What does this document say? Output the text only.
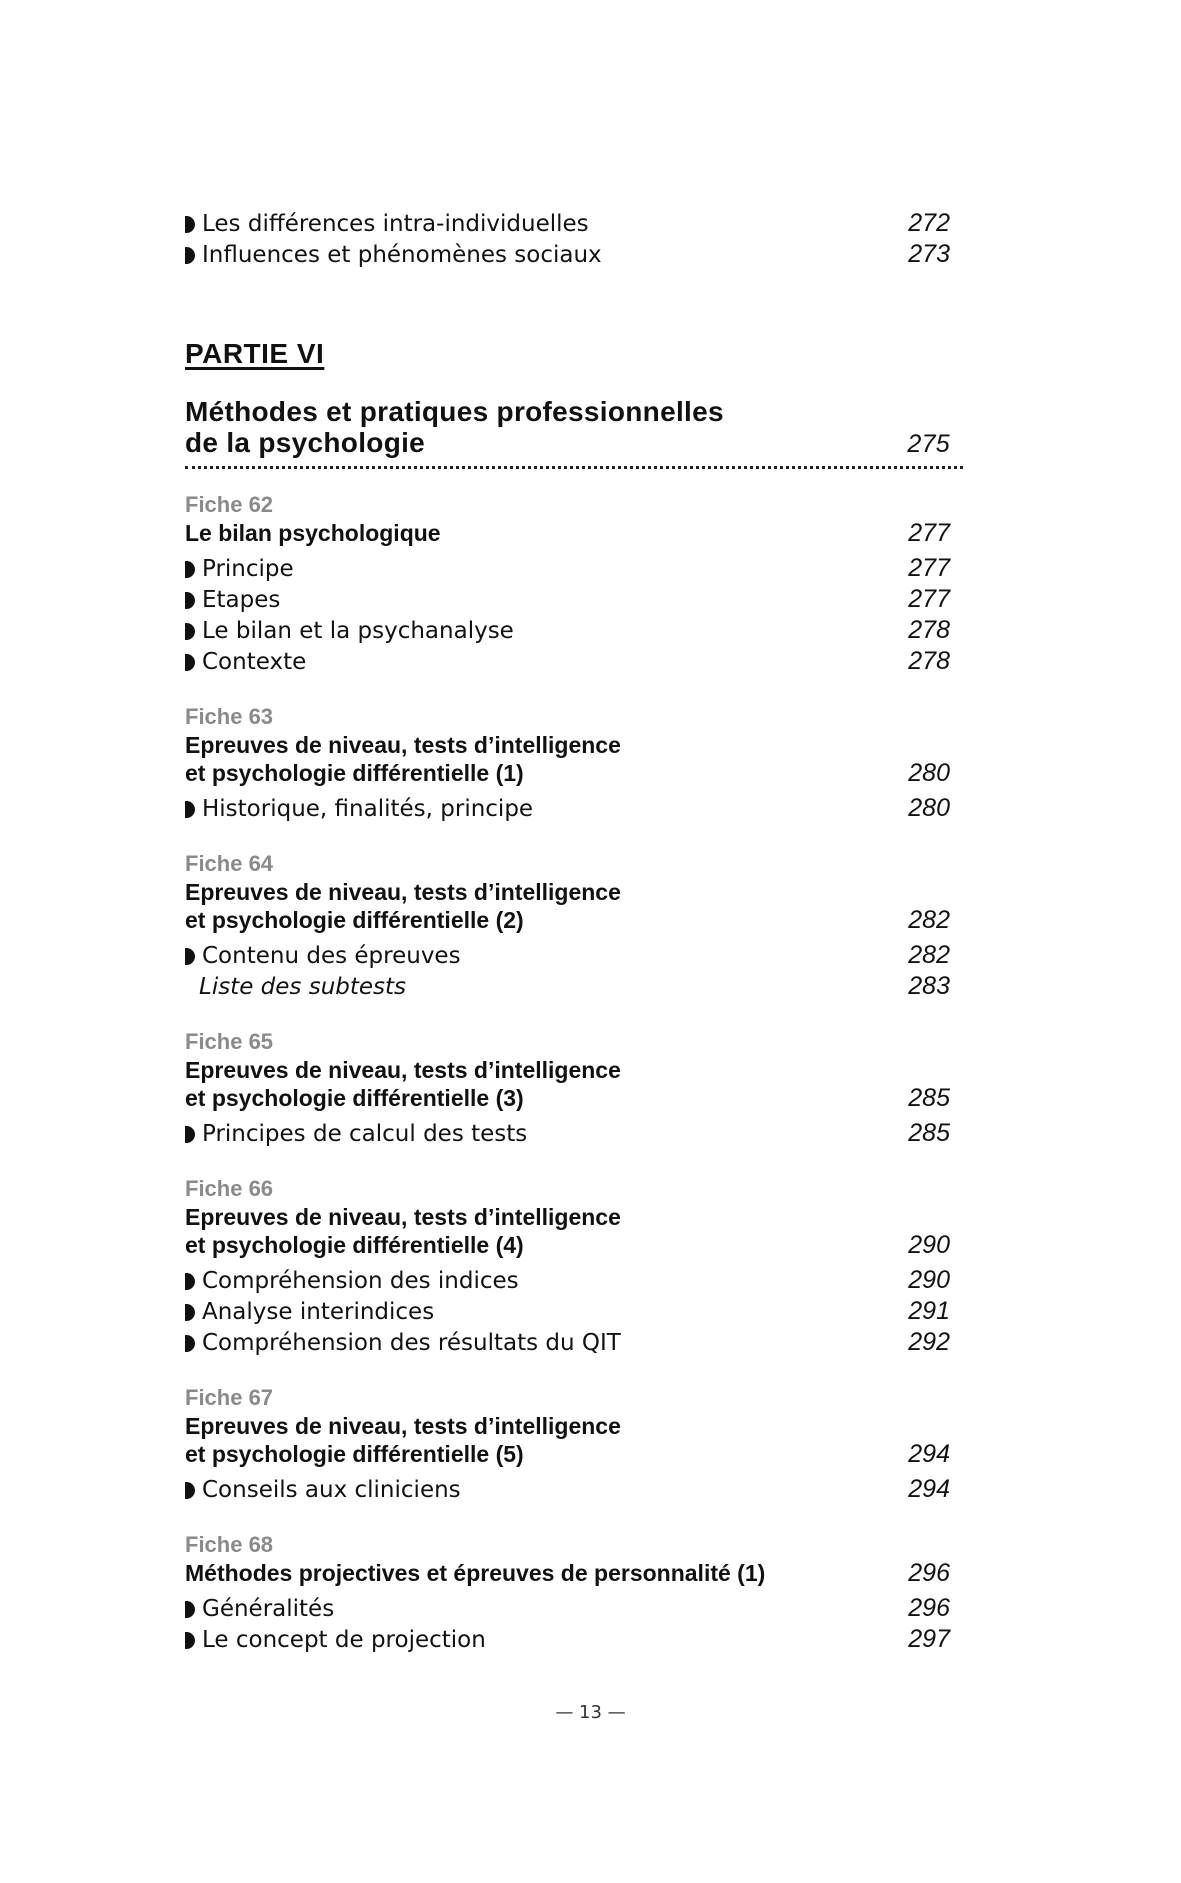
Les différences intra-individuelles	272
Influences et phénomènes sociaux	273
PARTIE VI
Méthodes et pratiques professionnelles
de la psychologie	275
Fiche 62
Le bilan psychologique	277
Principe	277
Etapes	277
Le bilan et la psychanalyse	278
Contexte	278
Fiche 63
Epreuves de niveau, tests d’intelligence
et psychologie différentielle (1)	280
Historique, finalités, principe	280
Fiche 64
Epreuves de niveau, tests d’intelligence
et psychologie différentielle (2)	282
Contenu des épreuves	282
Liste des subtests	283
Fiche 65
Epreuves de niveau, tests d’intelligence
et psychologie différentielle (3)	285
Principes de calcul des tests	285
Fiche 66
Epreuves de niveau, tests d’intelligence
et psychologie différentielle (4)	290
Compréhension des indices	290
Analyse interindices	291
Compréhension des résultats du QIT	292
Fiche 67
Epreuves de niveau, tests d’intelligence
et psychologie différentielle (5)	294
Conseils aux cliniciens	294
Fiche 68
Méthodes projectives et épreuves de personnalité (1)	296
Généralités	296
Le concept de projection	297
— 13 —
